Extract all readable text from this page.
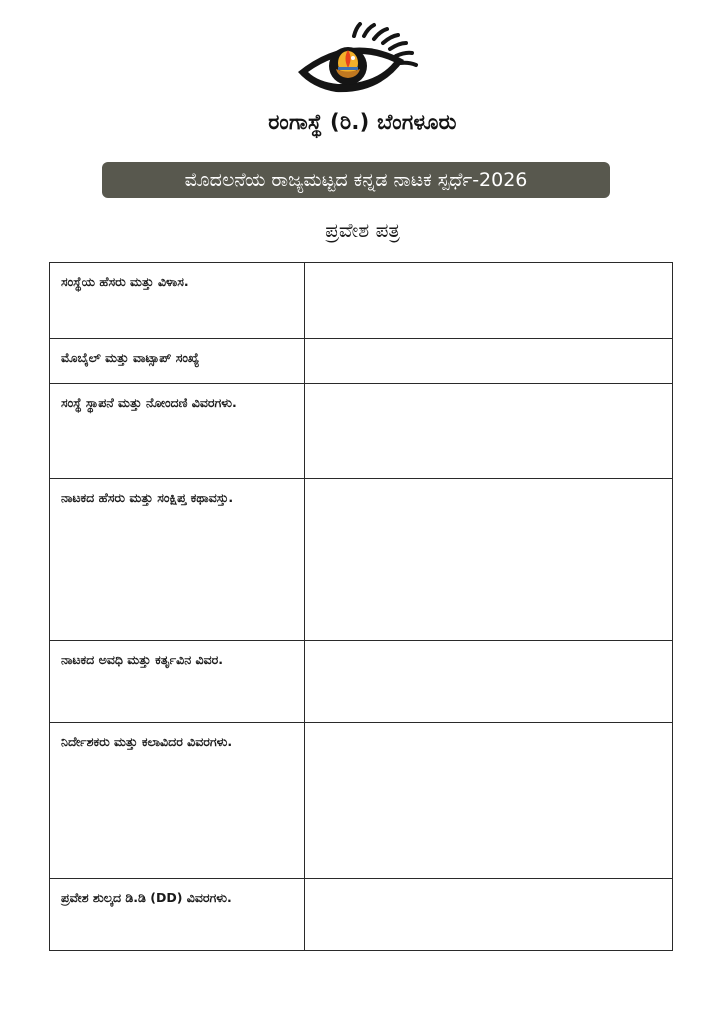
ರಂಗಾಸ್ಥೆ (ರಿ.) ಬೆಂಗಳೂರು
ಮೊದಲನೆಯ ರಾಜ್ಯಮಟ್ಟದ ಕನ್ನಡ ನಾಟಕ ಸ್ಪರ್ಧೆ-2026
ಪ್ರವೇಶ ಪತ್ರ
ಸಂಸ್ಥೆಯ ಹೆಸರು ಮತ್ತು ವಿಳಾಸ.	
ಮೊಬೈಲ್ ಮತ್ತು ವಾಟ್ಸಾಪ್ ಸಂಖ್ಯೆ	
ಸಂಸ್ಥೆ ಸ್ಥಾಪನೆ ಮತ್ತು ನೋಂದಣಿ ವಿವರಗಳು.	
ನಾಟಕದ ಹೆಸರು ಮತ್ತು ಸಂಕ್ಷಿಪ್ತ ಕಥಾವಸ್ತು.	
ನಾಟಕದ ಅವಧಿ ಮತ್ತು ಕರ್ತೃವಿನ ವಿವರ.	
ನಿರ್ದೇಶಕರು ಮತ್ತು ಕಲಾವಿದರ ವಿವರಗಳು.	
ಪ್ರವೇಶ ಶುಲ್ಕದ ಡಿ.ಡಿ (DD) ವಿವರಗಳು.	
